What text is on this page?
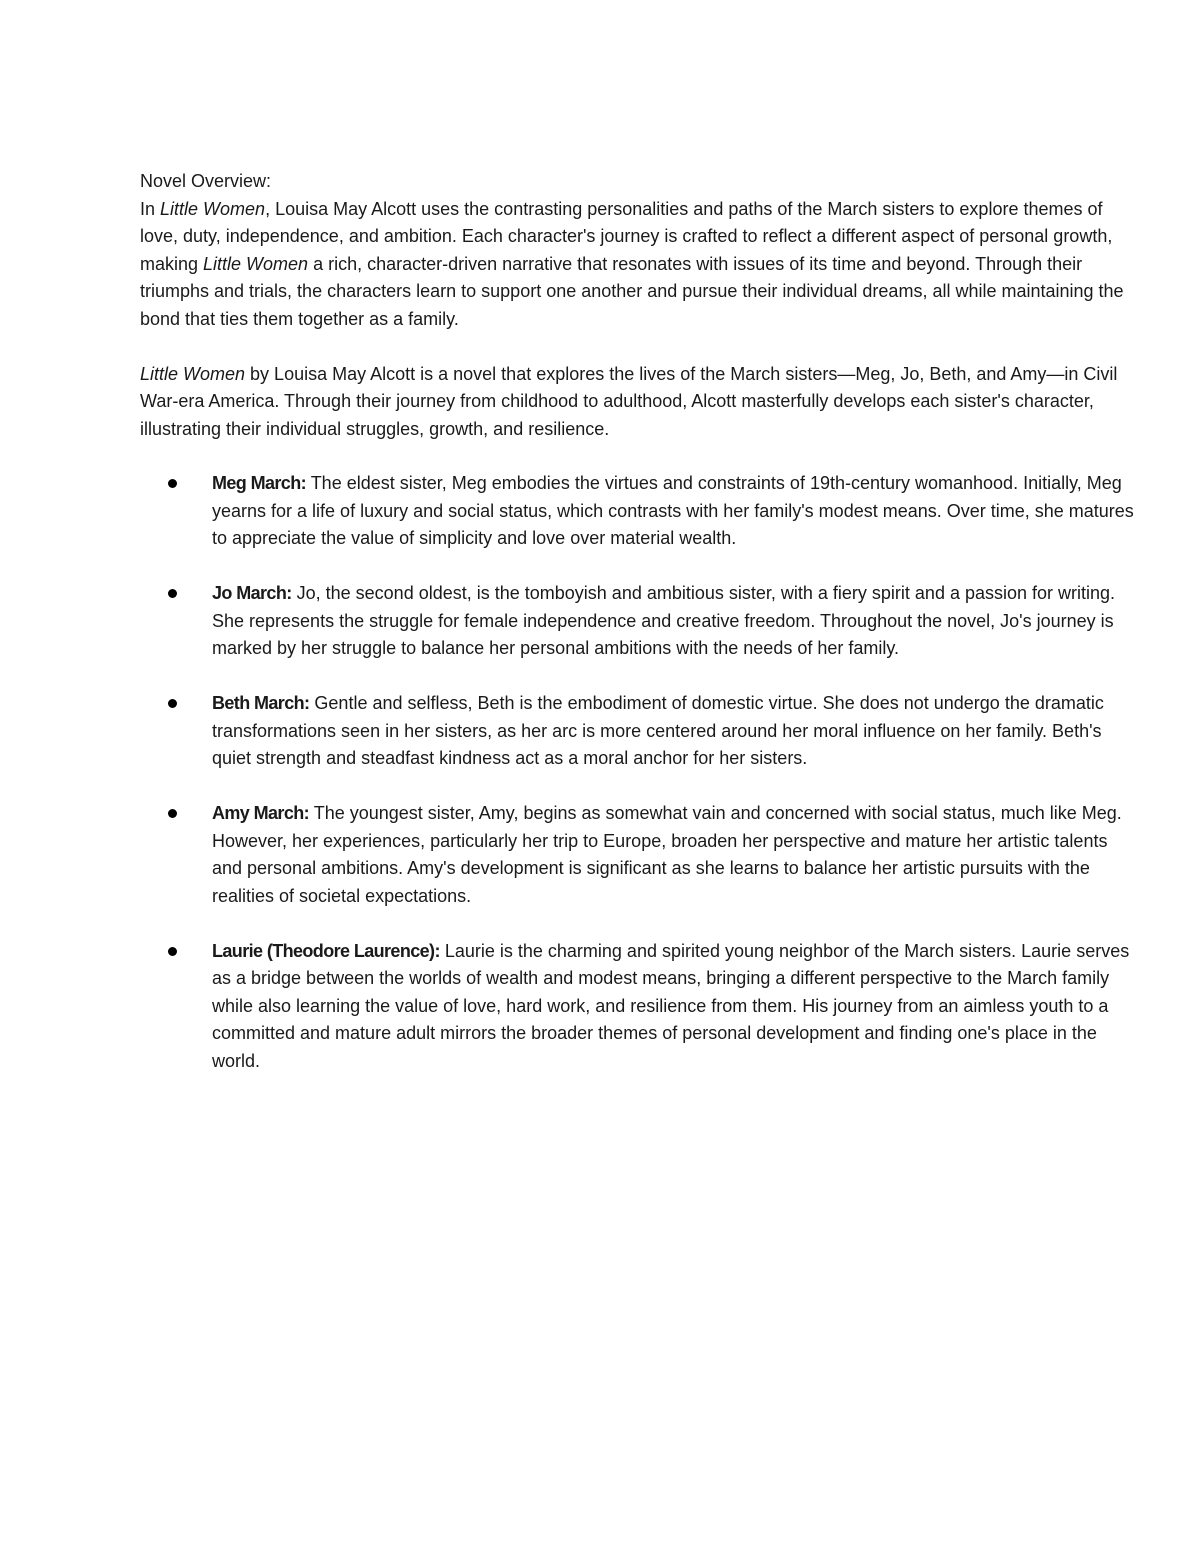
Novel Overview:

In Little Women, Louisa May Alcott uses the contrasting personalities and paths of the March sisters to explore themes of love, duty, independence, and ambition. Each character's journey is crafted to reflect a different aspect of personal growth, making Little Women a rich, character-driven narrative that resonates with issues of its time and beyond. Through their triumphs and trials, the characters learn to support one another and pursue their individual dreams, all while maintaining the bond that ties them together as a family.

Little Women by Louisa May Alcott is a novel that explores the lives of the March sisters—Meg, Jo, Beth, and Amy—in Civil War-era America. Through their journey from childhood to adulthood, Alcott masterfully develops each sister's character, illustrating their individual struggles, growth, and resilience.

Meg March: The eldest sister, Meg embodies the virtues and constraints of 19th-century womanhood. Initially, Meg yearns for a life of luxury and social status, which contrasts with her family's modest means. Over time, she matures to appreciate the value of simplicity and love over material wealth.
Jo March: Jo, the second oldest, is the tomboyish and ambitious sister, with a fiery spirit and a passion for writing. She represents the struggle for female independence and creative freedom. Throughout the novel, Jo's journey is marked by her struggle to balance her personal ambitions with the needs of her family.
Beth March: Gentle and selfless, Beth is the embodiment of domestic virtue. She does not undergo the dramatic transformations seen in her sisters, as her arc is more centered around her moral influence on her family. Beth's quiet strength and steadfast kindness act as a moral anchor for her sisters.
Amy March: The youngest sister, Amy, begins as somewhat vain and concerned with social status, much like Meg. However, her experiences, particularly her trip to Europe, broaden her perspective and mature her artistic talents and personal ambitions. Amy's development is significant as she learns to balance her artistic pursuits with the realities of societal expectations.
Laurie (Theodore Laurence): Laurie is the charming and spirited young neighbor of the March sisters. Laurie serves as a bridge between the worlds of wealth and modest means, bringing a different perspective to the March family while also learning the value of love, hard work, and resilience from them. His journey from an aimless youth to a committed and mature adult mirrors the broader themes of personal development and finding one's place in the world.
